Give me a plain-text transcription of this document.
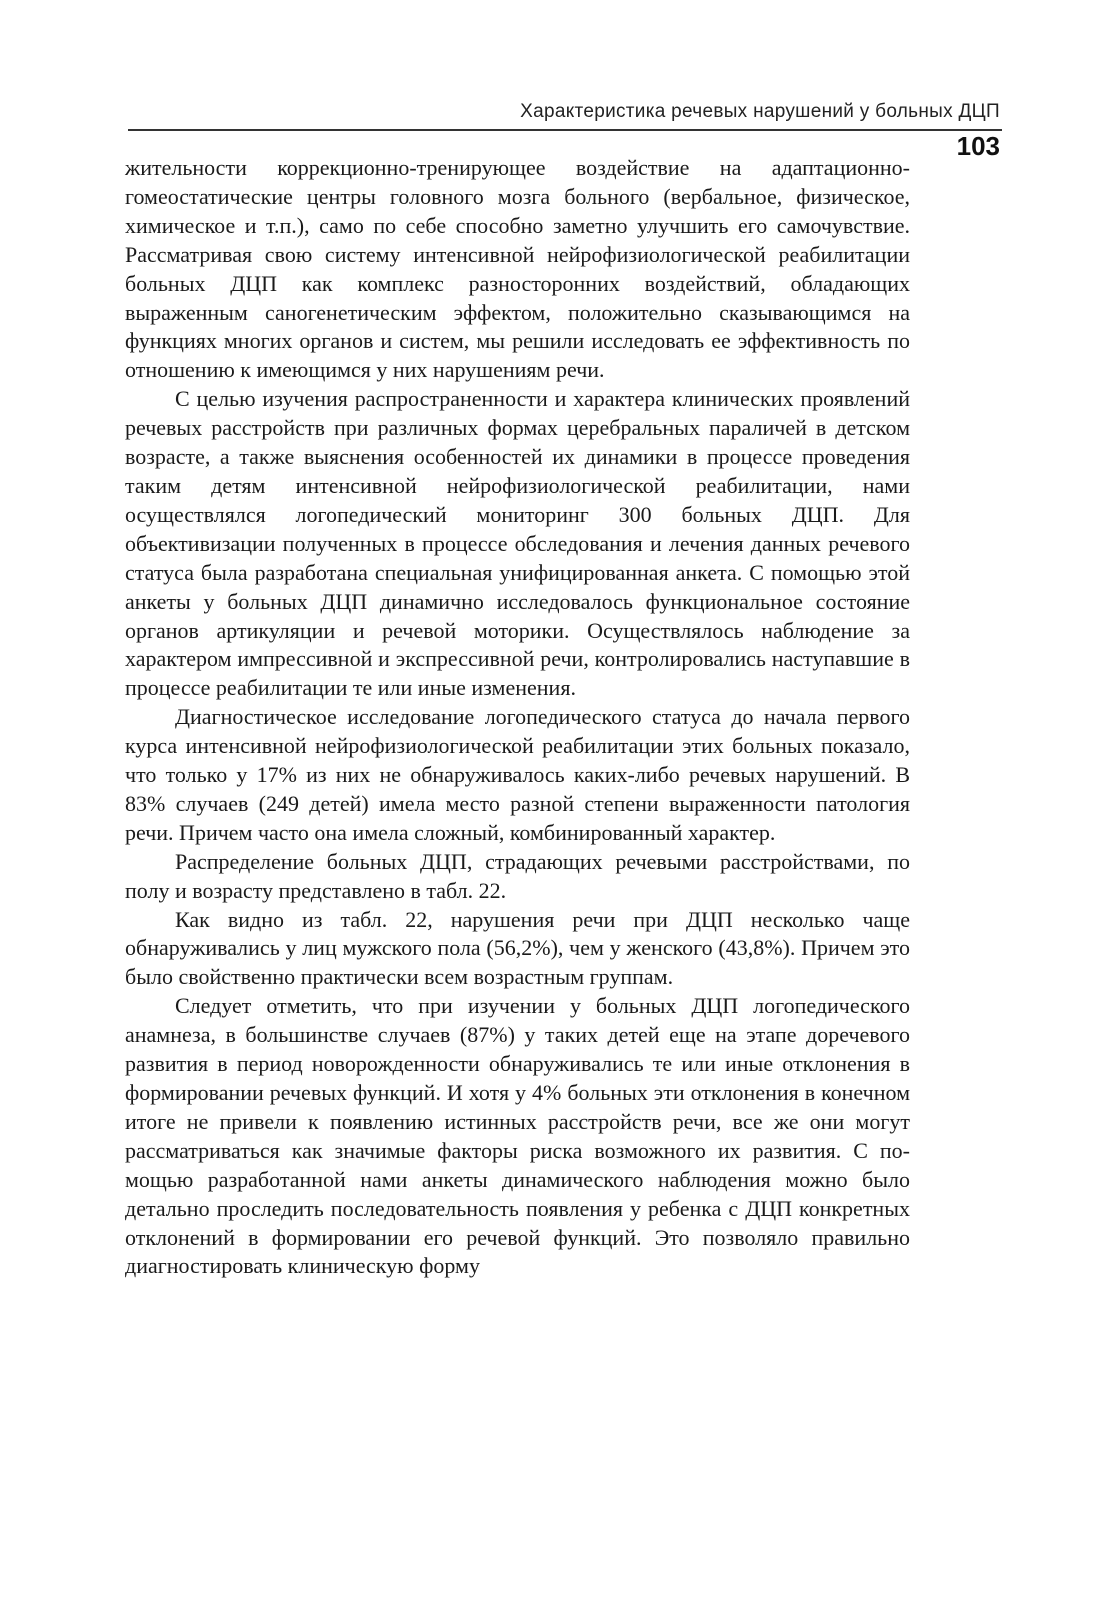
Характеристика речевых нарушений у больных ДЦП
103

жительности коррекционно-тренирующее воздействие на адаптационно-гомеостатические центры головного мозга больного (вербальное, физическое, химическое и т.п.), само по себе способно заметно улучшить его самочувствие. Рассматривая свою систему интенсивной нейрофизиологической реабилитации больных ДЦП как комплекс разносторонних воздействий, обладающих выраженным саногенетическим эффектом, положительно сказывающимся на функциях многих органов и систем, мы решили исследовать ее эффективность по отношению к имеющимся у них нарушениям речи.

С целью изучения распространенности и характера клинических проявлений речевых расстройств при различных формах церебральных параличей в детском возрасте, а также выяснения особенностей их динамики в процессе проведения таким детям интенсивной нейрофизиологической реабилитации, нами осуществлялся логопедический мониторинг 300 больных ДЦП. Для объективизации полученных в процессе обследования и лечения данных речевого статуса была разработана специальная унифицированная анкета. С помощью этой анкеты у больных ДЦП динамично исследовалось функциональное состояние органов артикуляции и речевой моторики. Осуществлялось наблюдение за характером импрессивной и экспрессивной речи, контролировались наступавшие в процессе реабилитации те или иные изменения.

Диагностическое исследование логопедического статуса до начала первого курса интенсивной нейрофизиологической реабилитации этих больных показало, что только у 17% из них не обнаруживалось каких-либо речевых нарушений. В 83% случаев (249 детей) имела место разной степени выраженности патология речи. Причем часто она имела сложный, комбинированный характер.

Распределение больных ДЦП, страдающих речевыми расстройствами, по полу и возрасту представлено в табл. 22.

Как видно из табл. 22, нарушения речи при ДЦП несколько чаще обнаруживались у лиц мужского пола (56,2%), чем у женского (43,8%). Причем это было свойственно практически всем возрастным группам.

Следует отметить, что при изучении у больных ДЦП логопедического анамнеза, в большинстве случаев (87%) у таких детей еще на этапе доречевого развития в период новорожденности обнаруживались те или иные отклонения в формировании речевых функций. И хотя у 4% больных эти отклонения в конечном итоге не привели к появлению истинных расстройств речи, все же они могут рассматриваться как значимые факторы риска возможного их развития. С помощью разработанной нами анкеты динамического наблюдения можно было детально проследить последовательность появления у ребенка с ДЦП конкретных отклонений в формировании его речевой функций. Это позволяло правильно диагностировать клиническую форму
